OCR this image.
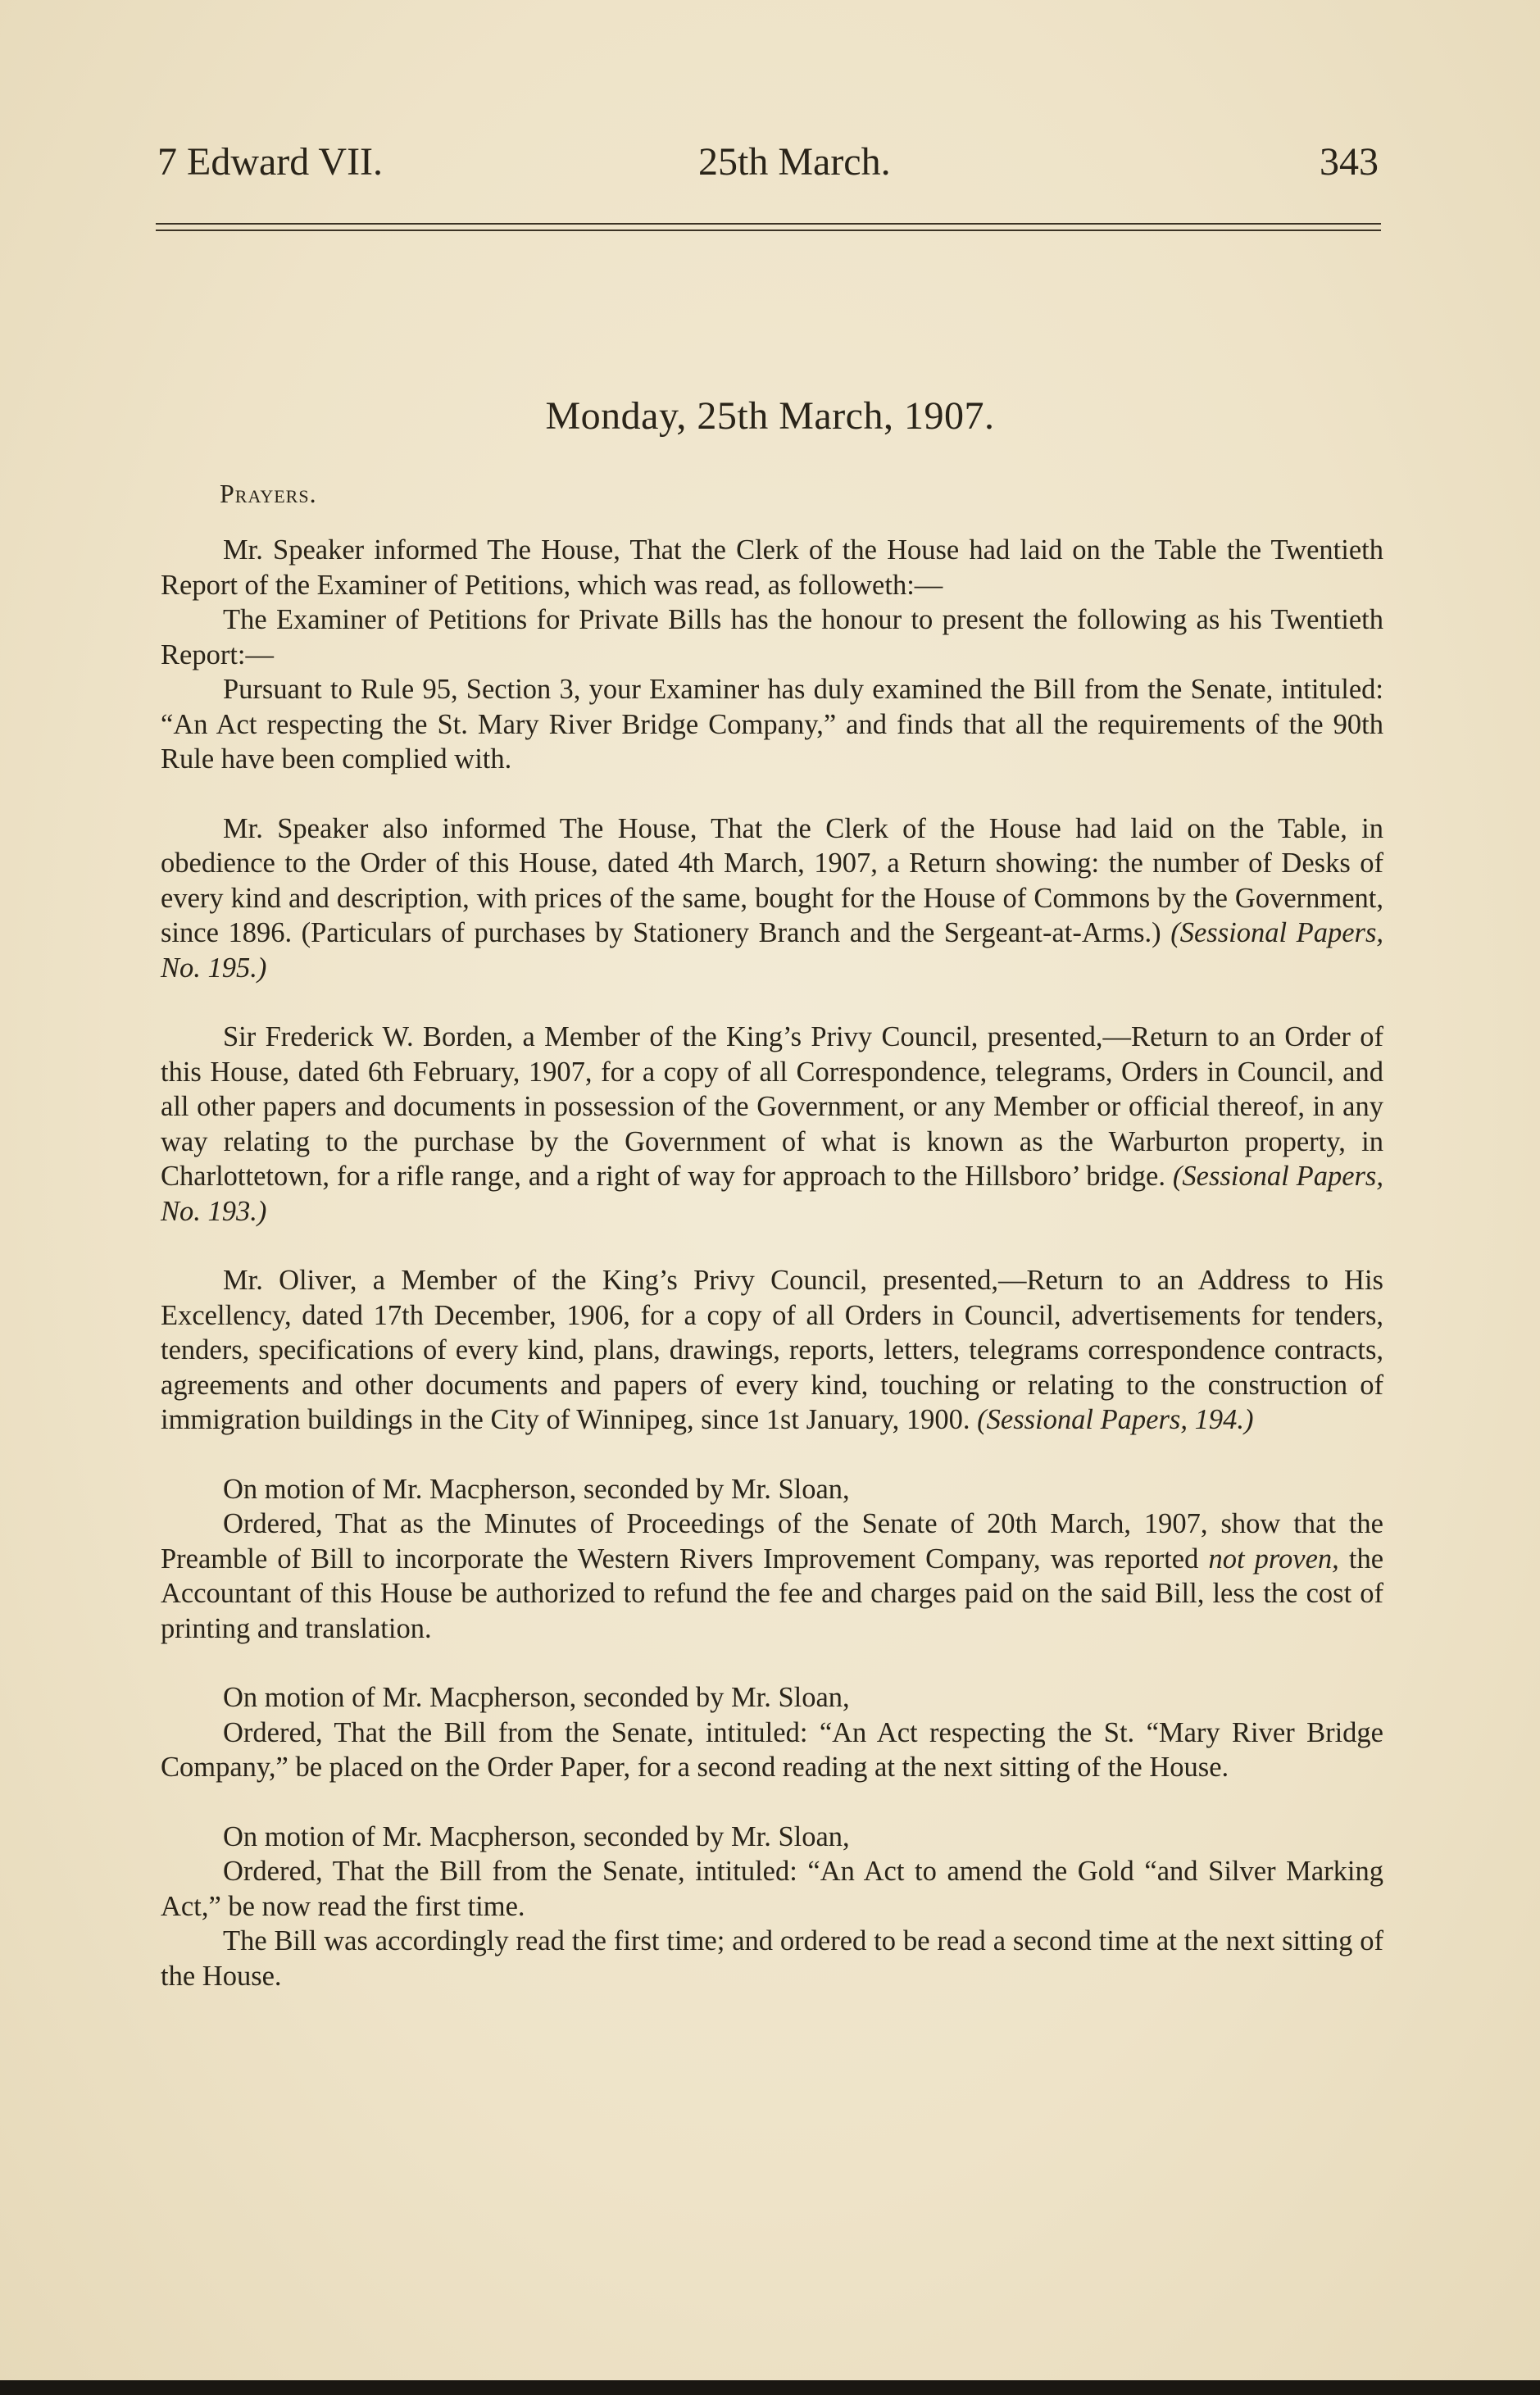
7 Edward VII.	25th March.	343
Monday, 25th March, 1907.
Prayers.

Mr. Speaker informed The House, That the Clerk of the House had laid on the Table the Twentieth Report of the Examiner of Petitions, which was read, as followeth:—

The Examiner of Petitions for Private Bills has the honour to present the following as his Twentieth Report:—

Pursuant to Rule 95, Section 3, your Examiner has duly examined the Bill from the Senate, intituled: “An Act respecting the St. Mary River Bridge Company,” and finds that all the requirements of the 90th Rule have been complied with.

Mr. Speaker also informed The House, That the Clerk of the House had laid on the Table, in obedience to the Order of this House, dated 4th March, 1907, a Return showing: the number of Desks of every kind and description, with prices of the same, bought for the House of Commons by the Government, since 1896. (Particulars of purchases by Stationery Branch and the Sergeant-at-Arms.) (Sessional Papers, No. 195.)

Sir Frederick W. Borden, a Member of the King’s Privy Council, presented,—Return to an Order of this House, dated 6th February, 1907, for a copy of all Correspondence, telegrams, Orders in Council, and all other papers and documents in possession of the Government, or any Member or official thereof, in any way relating to the purchase by the Government of what is known as the Warburton property, in Charlottetown, for a rifle range, and a right of way for approach to the Hillsboro’ bridge. (Sessional Papers, No. 193.)

Mr. Oliver, a Member of the King’s Privy Council, presented,—Return to an Address to His Excellency, dated 17th December, 1906, for a copy of all Orders in Council, advertisements for tenders, tenders, specifications of every kind, plans, drawings, reports, letters, telegrams correspondence contracts, agreements and other documents and papers of every kind, touching or relating to the construction of immigration buildings in the City of Winnipeg, since 1st January, 1900. (Sessional Papers, 194.)

On motion of Mr. Macpherson, seconded by Mr. Sloan,

Ordered, That as the Minutes of Proceedings of the Senate of 20th March, 1907, show that the Preamble of Bill to incorporate the Western Rivers Improvement Company, was reported not proven, the Accountant of this House be authorized to refund the fee and charges paid on the said Bill, less the cost of printing and translation.

On motion of Mr. Macpherson, seconded by Mr. Sloan,

Ordered, That the Bill from the Senate, intituled: “An Act respecting the St. “Mary River Bridge Company,” be placed on the Order Paper, for a second reading at the next sitting of the House.

On motion of Mr. Macpherson, seconded by Mr. Sloan,

Ordered, That the Bill from the Senate, intituled: “An Act to amend the Gold “and Silver Marking Act,” be now read the first time.

The Bill was accordingly read the first time; and ordered to be read a second time at the next sitting of the House.
